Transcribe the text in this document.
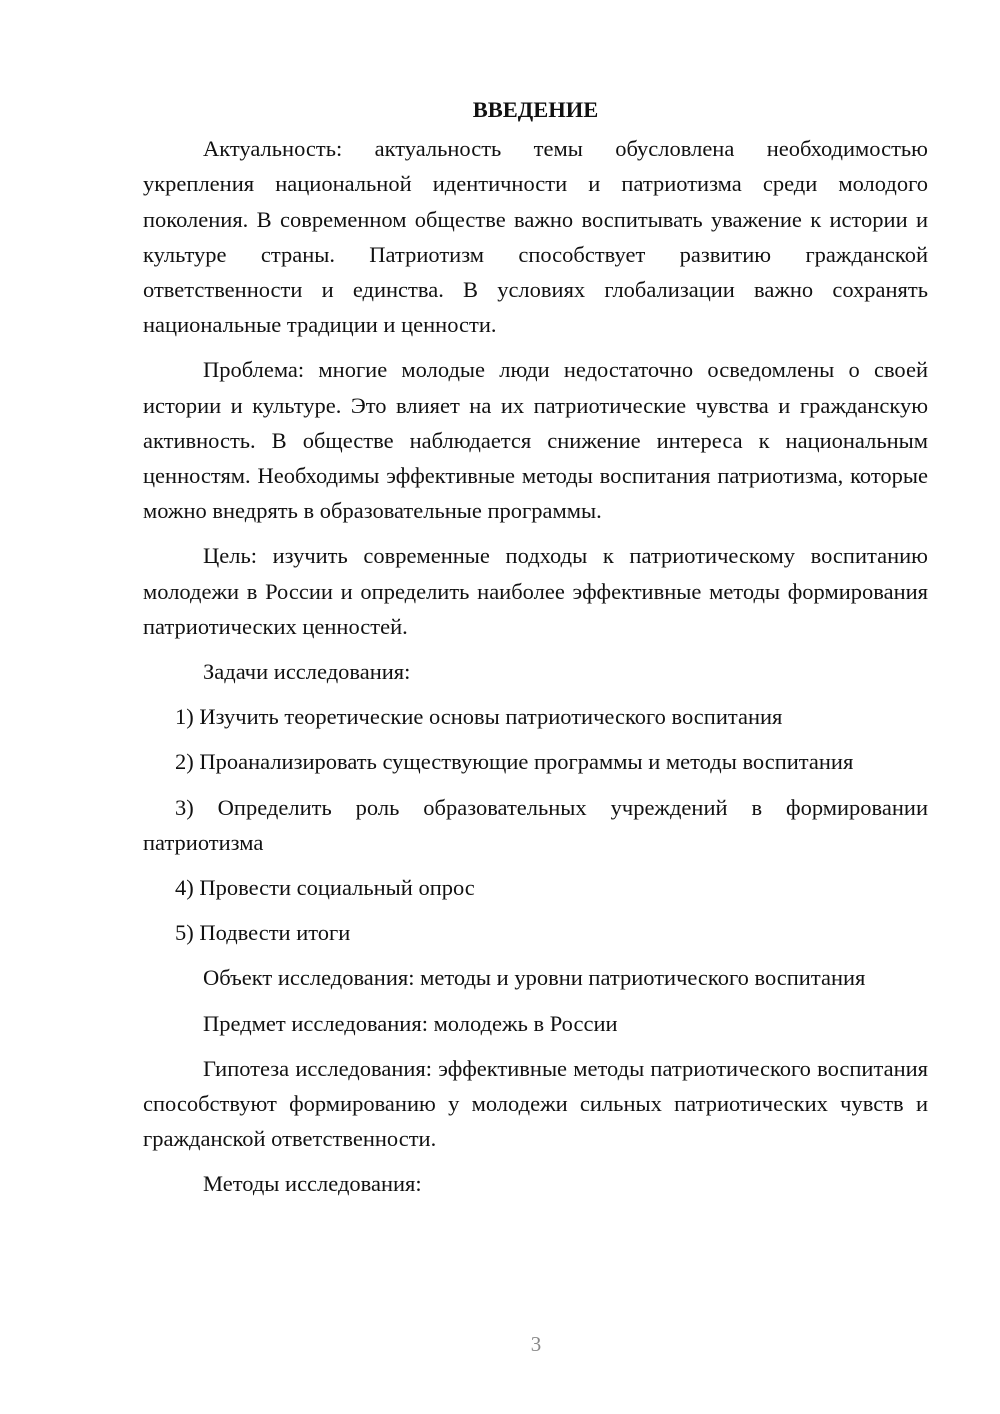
ВВЕДЕНИЕ

Актуальность: актуальность темы обусловлена необходимостью укрепления национальной идентичности и патриотизма среди молодого поколения. В современном обществе важно воспитывать уважение к истории и культуре страны. Патриотизм способствует развитию гражданской ответственности и единства. В условиях глобализации важно сохранять национальные традиции и ценности.

Проблема: многие молодые люди недостаточно осведомлены о своей истории и культуре. Это влияет на их патриотические чувства и гражданскую активность. В обществе наблюдается снижение интереса к национальным ценностям. Необходимы эффективные методы воспитания патриотизма, которые можно внедрять в образовательные программы.

Цель: изучить современные подходы к патриотическому воспитанию молодежи в России и определить наиболее эффективные методы формирования патриотических ценностей.

Задачи исследования:

1) Изучить теоретические основы патриотического воспитания

2) Проанализировать существующие программы и методы воспитания

3) Определить роль образовательных учреждений в формировании патриотизма

4) Провести социальный опрос

5) Подвести итоги

Объект исследования: методы и уровни патриотического воспитания

Предмет исследования: молодежь в России

Гипотеза исследования: эффективные методы патриотического воспитания способствуют формированию у молодежи сильных патриотических чувств и гражданской ответственности.

Методы исследования:

3
